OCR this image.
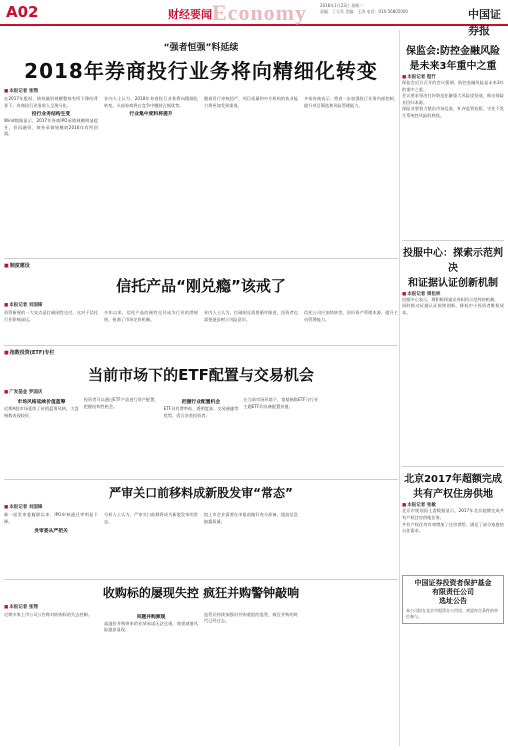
A02	财经要闻 Economy	2018年1月23日 星期二
责编：丁大军 美编：王涛 电话：010-56805000	中国证券报
“强者恒强”料延续
2018年券商投行业务将向精细化转变
■ 本报记者 张翔

在2017年股权、债券融资规模整体有所下降的背景下，券商投行业务收入呈现分化。

投行业务结构生变

Wind数据显示，2017年券商IPO承销规模明显提升，但再融资、债券承销规模较2016年有所回落。

业内人士认为，2018年券商投行业务将向精细化转变，头部券商将在竞争中继续占据优势。

行业集中度料将提升

随着发行审核趋严，项目质量和中介机构的执业能力将更加受到重视。

多家券商表示，将进一步加强投行业务内部控制，提升项目筛选和风险管理能力。

■ 制度建设
信托产品“刚兑瘾”该戒了
■ 本报记者 刘国锋

资管新规的一大亮点是打破刚性兑付，这对于信托行业影响深远。

多年以来，信托产品的刚性兑付成为行业的潜规则，扭曲了市场定价机制。

业内人士认为，打破刚兑需要循序渐进，投资者也需要逐步树立风险意识。

信托公司应加快转型，回归资产管理本源，提升主动管理能力。

■ 指数投资(ETF)专栏
当前市场下的ETF配置与交易机会
■ 广发基金 罗国庆

市场风格延续价值蓝筹

近期A股市场延续了价值蓝筹风格，大盘指数表现较好。

投资者可以通过ETF产品进行资产配置，把握结构性机会。

把握行业配置机会

ETF具有费率低、透明度高、交易便捷等优势，适合各类投资者。

在当前市场环境下，宽基指数ETF与行业主题ETF均具备配置价值。

严审关口前移料成新股发审“常态”
■ 本报记者 刘国锋

新一届发审委履职以来，IPO审核通过率明显下降。

发审委从严把关

分析人士认为，严审关口前移将成为新股发审的常态。

拟上市企业需要在申报前做好充分准备，提高信息披露质量。

收购标的屡现失控 疯狂并购警钟敲响
■ 本报记者 张翔

近期多家上市公司公告称对收购标的失去控制。

问题并购频现

高溢价并购带来的业绩承诺无法兑现，商誉减值风险逐步显现。

监管层持续加强对并购重组的监管，疯狂并购的时代已经过去。

保监会:防控金融风险
是未来3年重中之重
■ 本报记者 程竹

保监会近日召开的会议强调，防控金融风险是未来3年的重中之重。

会议要求坚决打好防范化解重大风险攻坚战，推动保险业回归本源。

保险业要着力整治市场乱象，补齐监管短板，守住不发生系统性风险的底线。

投服中心：探索示范判决
和证据认证创新机制
■ 本报记者 周松林

投服中心表示，将积极探索证券纠纷示范判决机制。

同时推动证据认证规则创新，降低中小投资者维权成本。

北京2017年超额完成
共有产权住房供地
■ 本报记者 张敏

北京市规划国土委数据显示，2017年北京超额完成共有产权住房供地任务。

共有产权住房有效增加了住房供给，满足了部分家庭的自住需求。

中国证券投资者保护基金
有限责任公司
选址公告
本公司拟在北京市租赁办公用房，欢迎符合条件的单位参与。
